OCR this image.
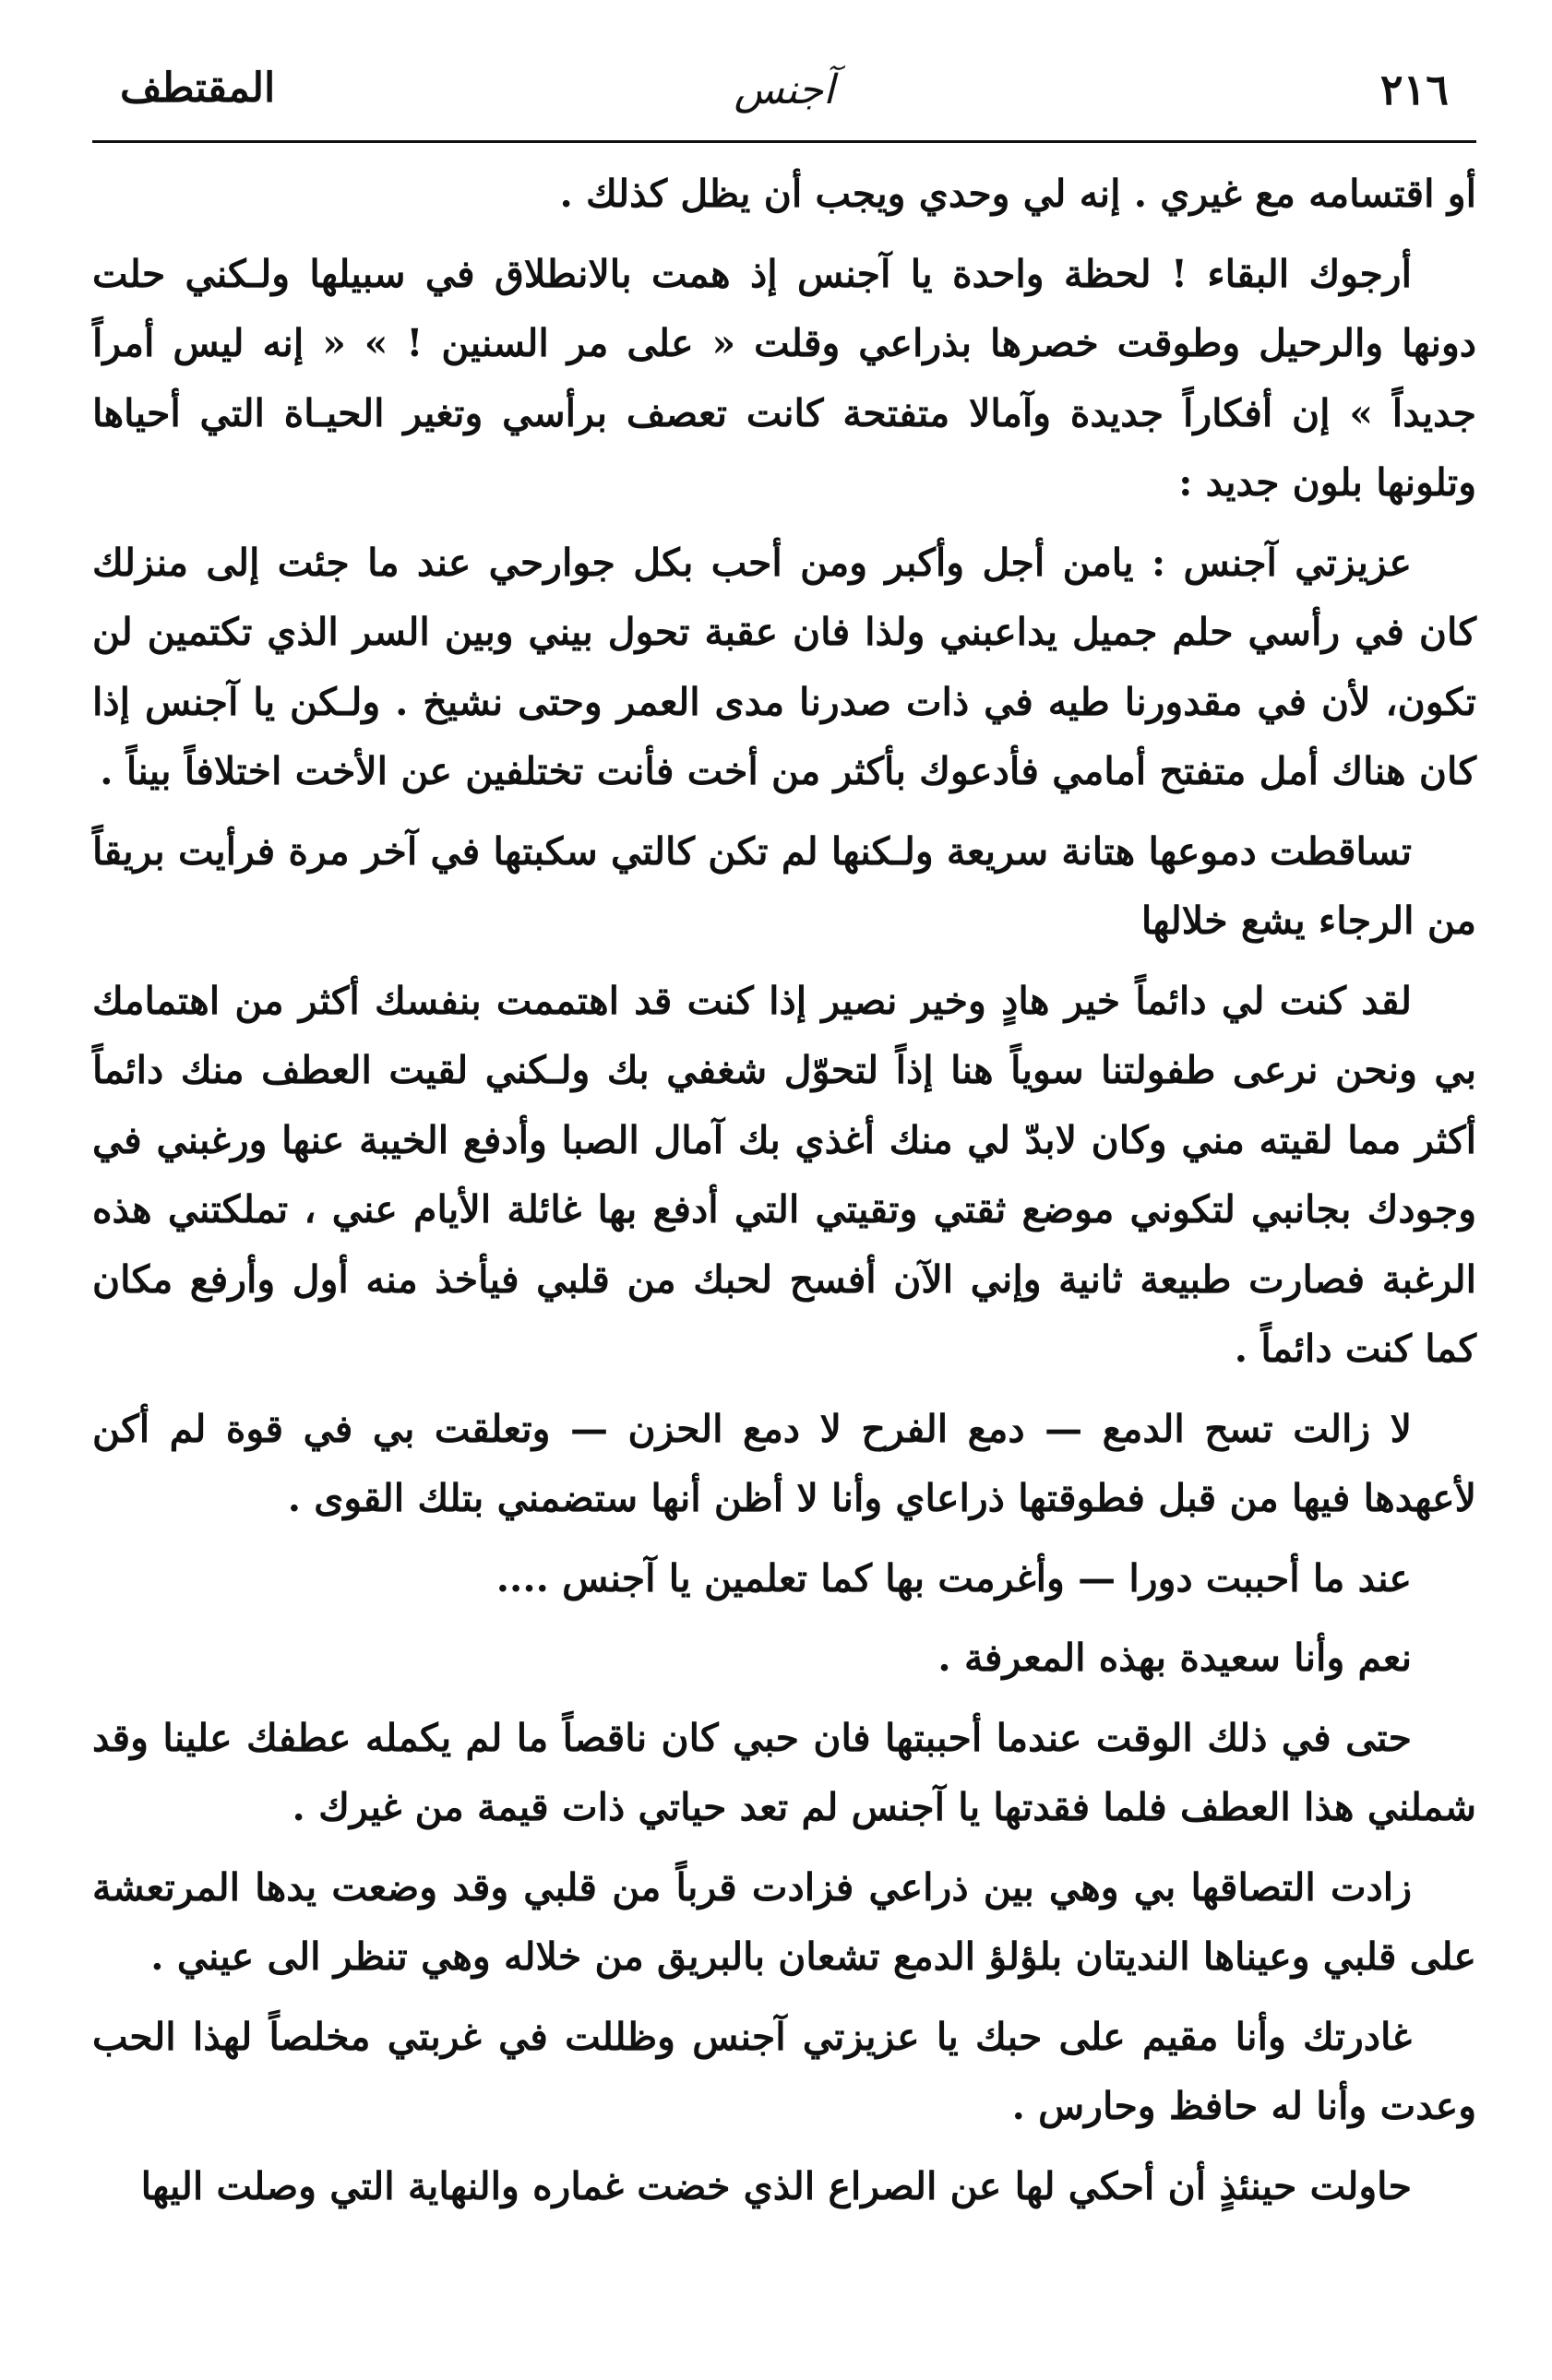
٢١٦
آجنس
المقتطف

أو اقتسامه مع غيري . إنه لي وحدي ويجب أن يظل كذلك .

أرجوك البقاء ! لحظة واحدة يا آجنس إذ همت بالانطلاق في سبيلها ولـكني حلت دونها والرحيل وطوقت خصرها بذراعي وقلت « على مر السنين ! » « إنه ليس أمراً جديداً » إن أفكاراً جديدة وآمالا متفتحة كانت تعصف برأسي وتغير الحيـاة التي أحياها وتلونها بلون جديد :

عزيزتي آجنس : يامن أجل وأكبر ومن أحب بكل جوارحي عند ما جئت إلى منزلك كان في رأسي حلم جميل يداعبني ولذا فان عقبة تحول بيني وبين السر الذي تكتمين لن تكون، لأن في مقدورنا طيه في ذات صدرنا مدى العمر وحتى نشيخ . ولـكن يا آجنس إذا كان هناك أمل متفتح أمامي فأدعوك بأكثر من أخت فأنت تختلفين عن الأخت اختلافاً بيناً .

تساقطت دموعها هتانة سريعة ولـكنها لم تكن كالتي سكبتها في آخر مرة فرأيت بريقاً من الرجاء يشع خلالها

لقد كنت لي دائماً خير هادٍ وخير نصير إذا كنت قد اهتممت بنفسك أكثر من اهتمامك بي ونحن نرعى طفولتنا سوياً هنا إذاً لتحوّل شغفي بك ولـكني لقيت العطف منك دائماً أكثر مما لقيته مني وكان لابدّ لي منك أغذي بك آمال الصبا وأدفع الخيبة عنها ورغبني في وجودك بجانبي لتكوني موضع ثقتي وتقيتي التي أدفع بها غائلة الأيام عني ، تملكتني هذه الرغبة فصارت طبيعة ثانية وإني الآن أفسح لحبك من قلبي فيأخذ منه أول وأرفع مكان كما كنت دائماً .

لا زالت تسح الدمع — دمع الفرح لا دمع الحزن — وتعلقت بي في قوة لم أكن لأعهدها فيها من قبل فطوقتها ذراعاي وأنا لا أظن أنها ستضمني بتلك القوى .

عند ما أحببت دورا — وأغرمت بها كما تعلمين يا آجنس ....

نعم وأنا سعيدة بهذه المعرفة .

حتى في ذلك الوقت عندما أحببتها فان حبي كان ناقصاً ما لم يكمله عطفك علينا وقد شملني هذا العطف فلما فقدتها يا آجنس لم تعد حياتي ذات قيمة من غيرك .

زادت التصاقها بي وهي بين ذراعي فزادت قرباً من قلبي وقد وضعت يدها المرتعشة على قلبي وعيناها النديتان بلؤلؤ الدمع تشعان بالبريق من خلاله وهي تنظر الى عيني .

غادرتك وأنا مقيم على حبك يا عزيزتي آجنس وظللت في غربتي مخلصاً لهذا الحب وعدت وأنا له حافظ وحارس .

حاولت حينئذٍ أن أحكي لها عن الصراع الذي خضت غماره والنهاية التي وصلت اليها
